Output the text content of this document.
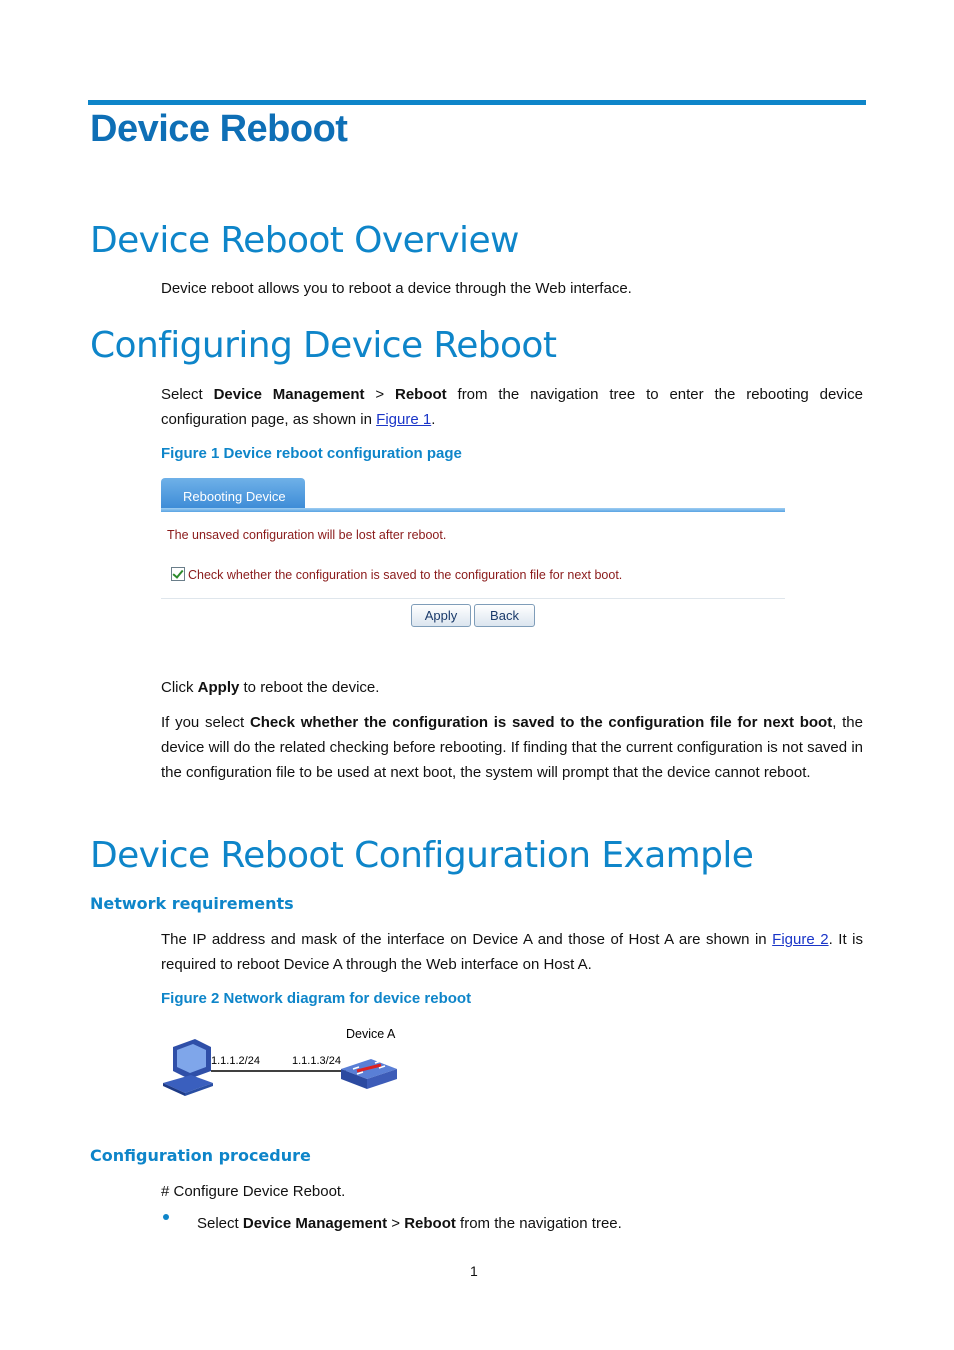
Device Reboot
Device Reboot Overview

Device reboot allows you to reboot a device through the Web interface.

Configuring Device Reboot

Select Device Management > Reboot from the navigation tree to enter the rebooting device configuration page, as shown in Figure 1.

Figure 1 Device reboot configuration page

Rebooting Device
The unsaved configuration will be lost after reboot.
Check whether the configuration is saved to the configuration file for next boot.
Apply	Back

Click Apply to reboot the device.

If you select Check whether the configuration is saved to the configuration file for next boot, the device will do the related checking before rebooting. If finding that the current configuration is not saved in the configuration file to be used at next boot, the system will prompt that the device cannot reboot.

Device Reboot Configuration Example
Network requirements

The IP address and mask of the interface on Device A and those of Host A are shown in Figure 2. It is required to reboot Device A through the Web interface on Host A.

Figure 2 Network diagram for device reboot

Device A
1.1.1.2/24	1.1.1.3/24
Configuration procedure

# Configure Device Reboot.

Select Device Management > Reboot from the navigation tree.

1
